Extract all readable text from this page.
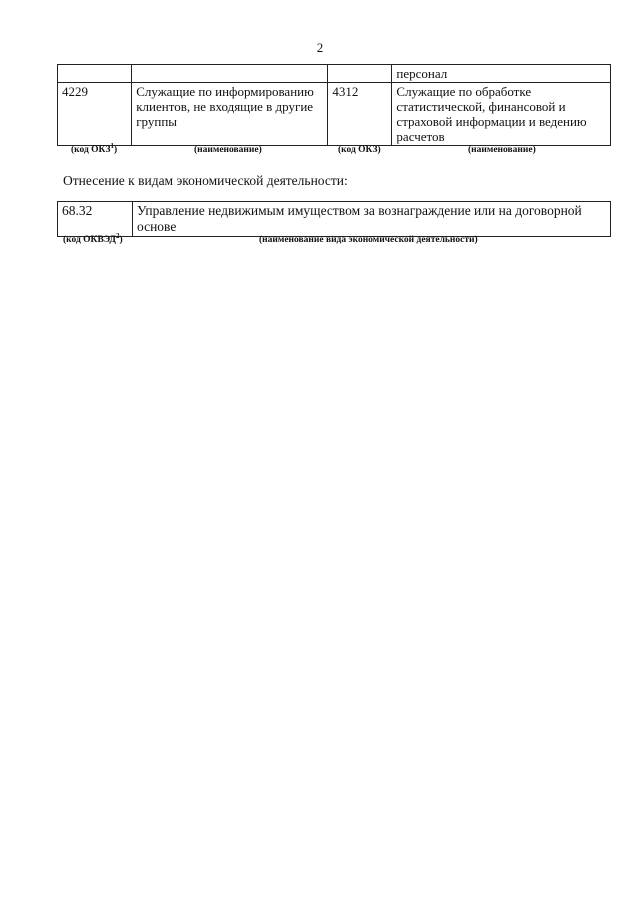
2
			персонал
4229	Служащие по информированию клиентов, не входящие в другие группы	4312	Служащие по обработке статистической, финансовой и страховой информации и ведению расчетов
(код ОКЗ$^1$)	(наименование)	(код ОКЗ)	(наименование)
Отнесение к видам экономической деятельности:
68.32	Управление недвижимым имуществом за вознаграждение или на договорной основе
(код ОКВЭД$^2$)	(наименование вида экономической деятельности)
